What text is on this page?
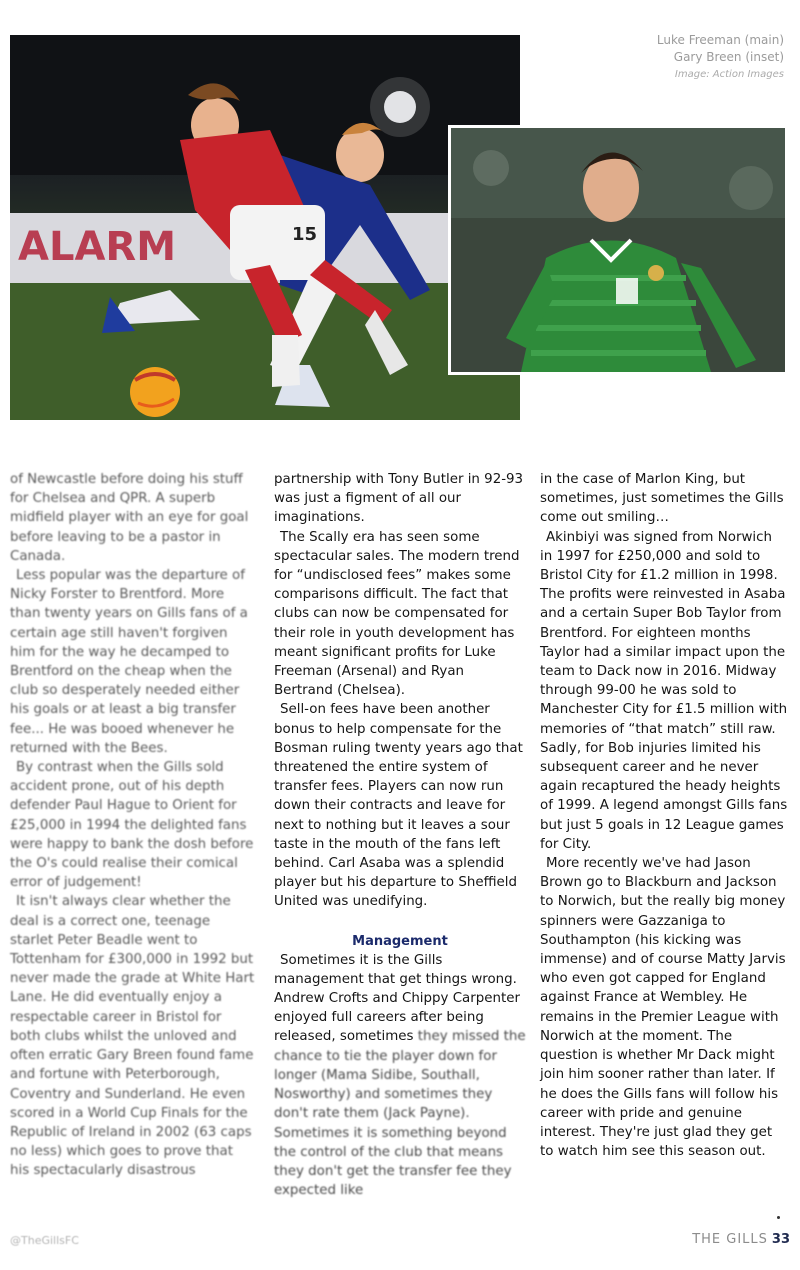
ALARM	15
Luke Freeman (main)
Gary Breen (inset)
Image: Action Images

of Newcastle before doing his stuff for Chelsea and QPR. A superb midfield player with an eye for goal before leaving to be a pastor in Canada.

Less popular was the departure of Nicky Forster to Brentford. More than twenty years on Gills fans of a certain age still haven't forgiven him for the way he decamped to Brentford on the cheap when the club so desperately needed either his goals or at least a big transfer fee... He was booed whenever he returned with the Bees.

By contrast when the Gills sold accident prone, out of his depth defender Paul Hague to Orient for £25,000 in 1994 the delighted fans were happy to bank the dosh before the O's could realise their comical error of judgement!

It isn't always clear whether the deal is a correct one, teenage starlet Peter Beadle went to Tottenham for £300,000 in 1992 but never made the grade at White Hart Lane. He did eventually enjoy a respectable career in Bristol for both clubs whilst the unloved and often erratic Gary Breen found fame and fortune with Peterborough, Coventry and Sunderland. He even scored in a World Cup Finals for the Republic of Ireland in 2002 (63 caps no less) which goes to prove that his spectacularly disastrous

partnership with Tony Butler in 92-93 was just a figment of all our imaginations.

The Scally era has seen some spectacular sales. The modern trend for “undisclosed fees” makes some comparisons difficult. The fact that clubs can now be compensated for their role in youth development has meant significant profits for Luke Freeman (Arsenal) and Ryan Bertrand (Chelsea).

Sell-on fees have been another bonus to help compensate for the Bosman ruling twenty years ago that threatened the entire system of transfer fees. Players can now run down their contracts and leave for next to nothing but it leaves a sour taste in the mouth of the fans left behind. Carl Asaba was a splendid player but his departure to Sheffield United was unedifying.

Management

Sometimes it is the Gills management that get things wrong. Andrew Crofts and Chippy Carpenter enjoyed full careers after being released, sometimes they missed the chance to tie the player down for longer (Mama Sidibe, Southall, Nosworthy) and sometimes they don't rate them (Jack Payne). Sometimes it is something beyond the control of the club that means they don't get the transfer fee they expected like

in the case of Marlon King, but sometimes, just sometimes the Gills come out smiling…

Akinbiyi was signed from Norwich in 1997 for £250,000 and sold to Bristol City for £1.2 million in 1998. The profits were reinvested in Asaba and a certain Super Bob Taylor from Brentford. For eighteen months Taylor had a similar impact upon the team to Dack now in 2016. Midway through 99-00 he was sold to Manchester City for £1.5 million with memories of “that match” still raw. Sadly, for Bob injuries limited his subsequent career and he never again recaptured the heady heights of 1999. A legend amongst Gills fans but just 5 goals in 12 League games for City.

More recently we've had Jason Brown go to Blackburn and Jackson to Norwich, but the really big money spinners were Gazzaniga to Southampton (his kicking was immense) and of course Matty Jarvis who even got capped for England against France at Wembley. He remains in the Premier League with Norwich at the moment. The question is whether Mr Dack might join him sooner rather than later. If he does the Gills fans will follow his career with pride and genuine interest. They're just glad they get to watch him see this season out.

@TheGillsFC	THE GILLS 33
